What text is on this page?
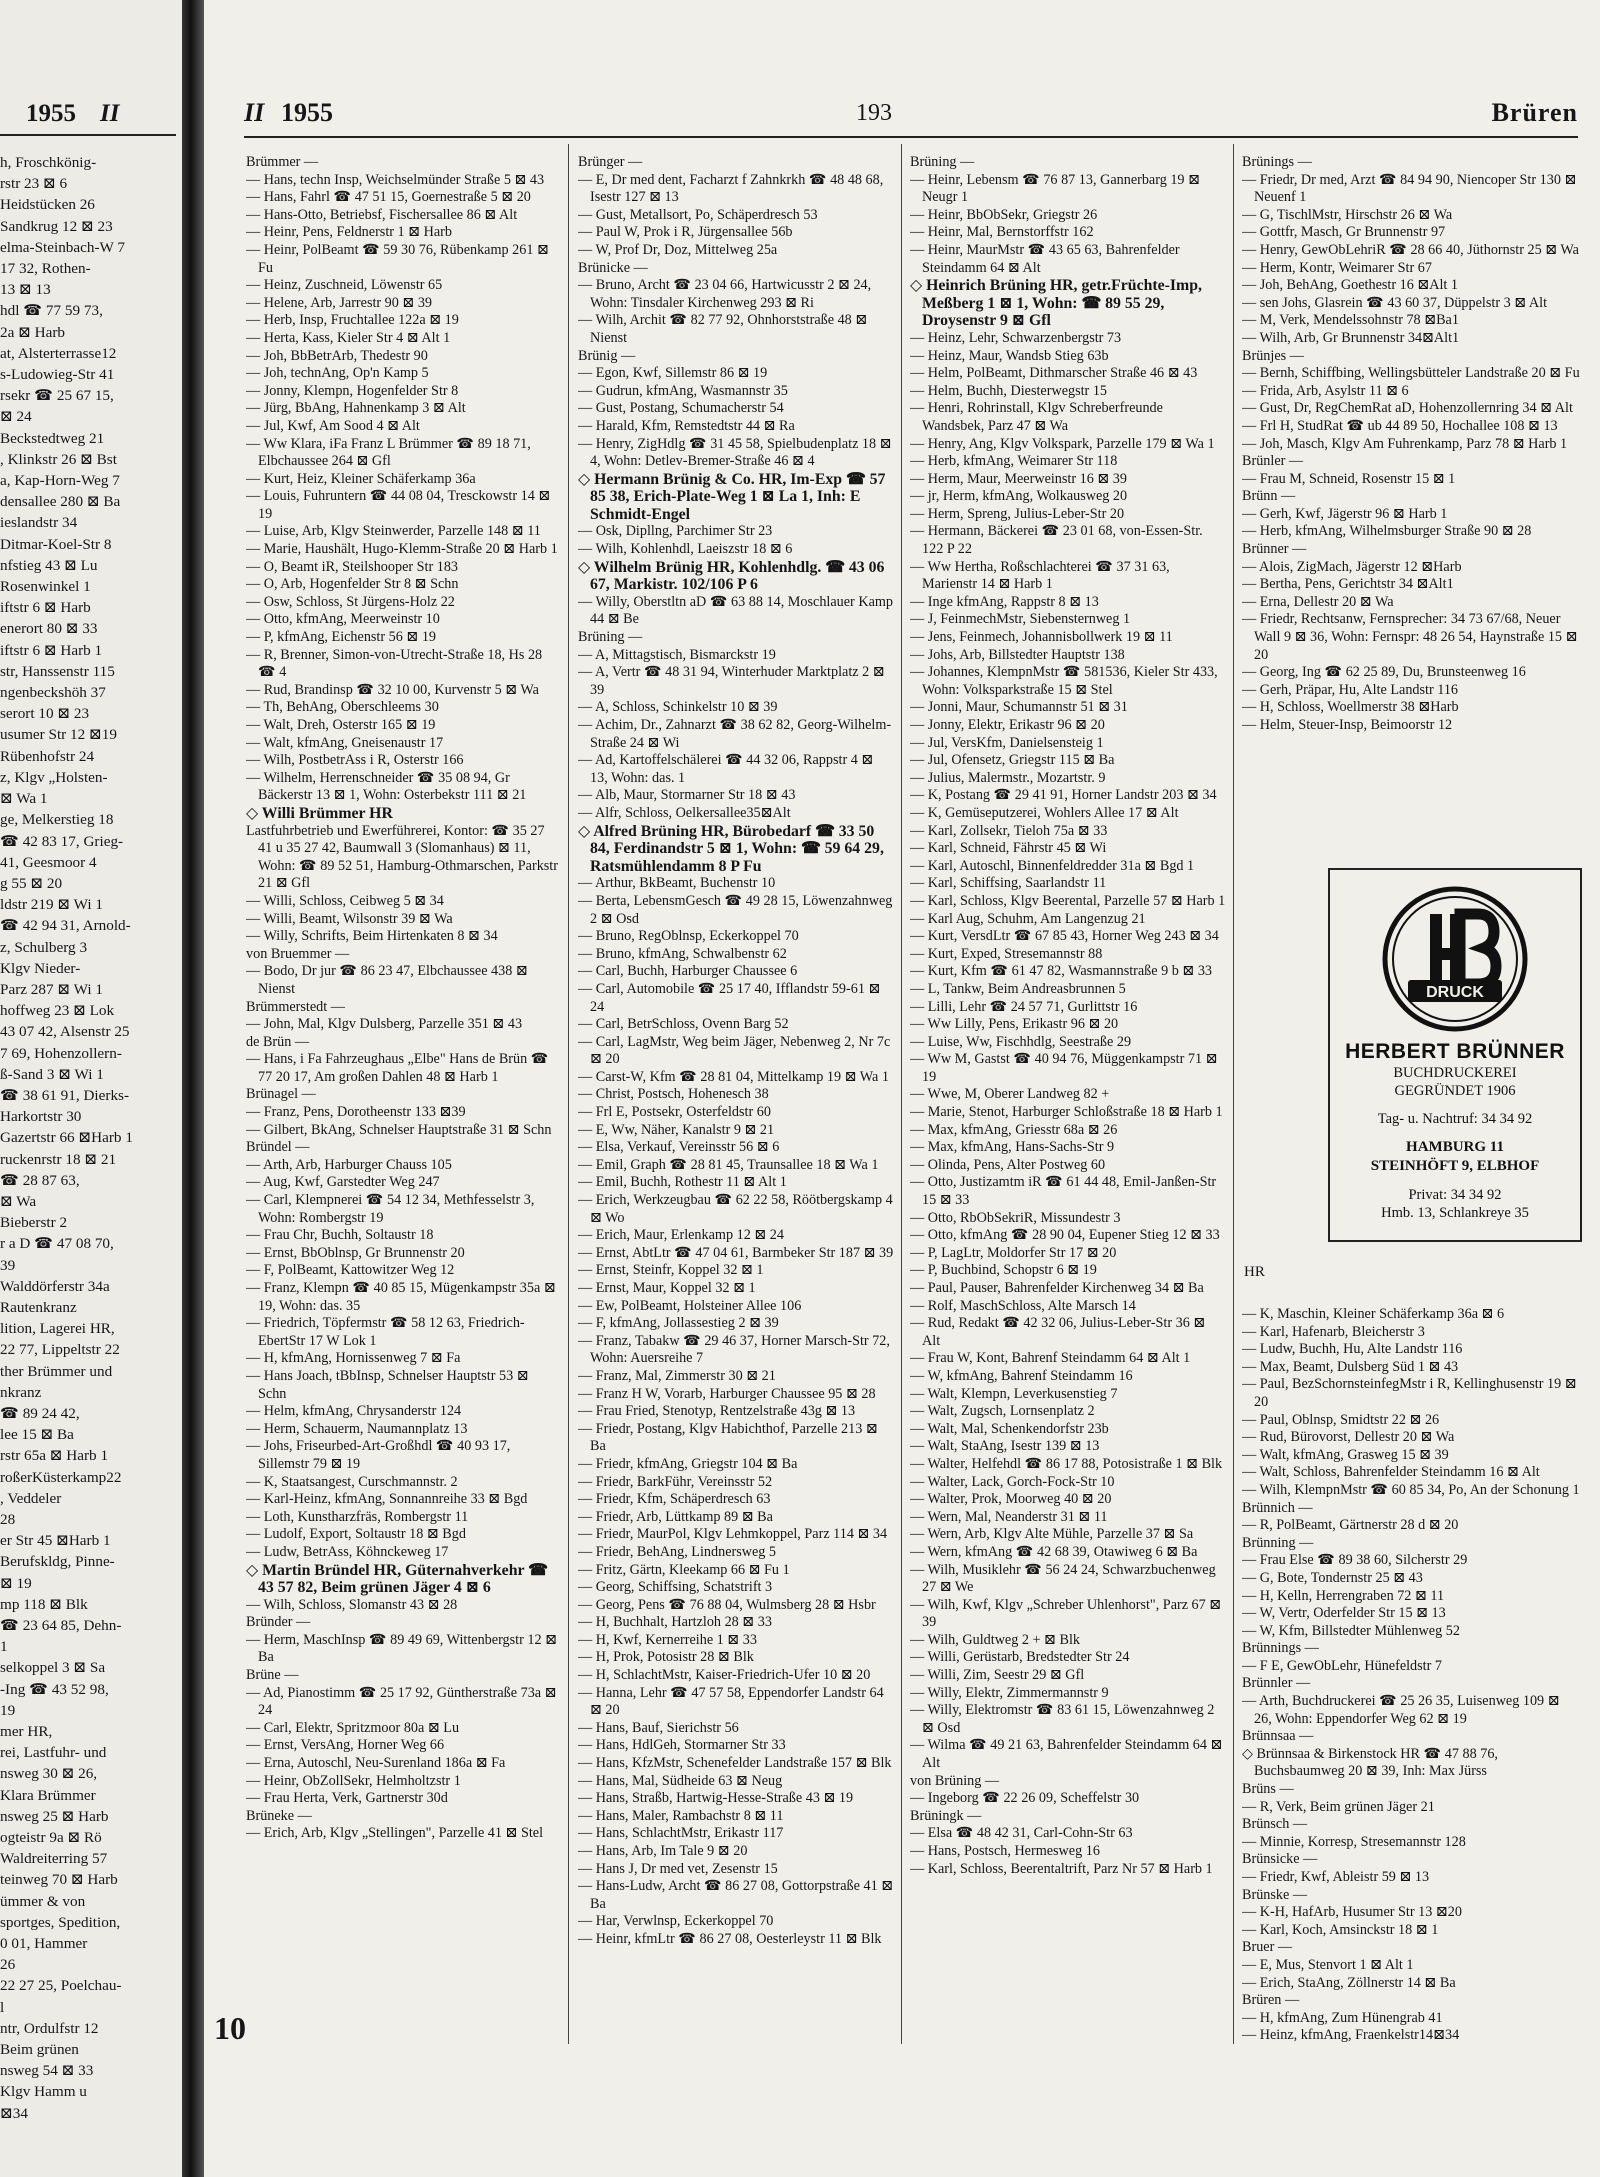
1955 II
h, Froschkönig-
rstr 23 ⊠ 6
Heidstücken 26
Sandkrug 12 ⊠ 23
elma-Steinbach-W 7
17 32, Rothen-
13 ⊠ 13
hdl ☎ 77 59 73,
2a ⊠ Harb
at, Alsterterrasse12
s-Ludowieg-Str 41
rsekr ☎ 25 67 15,
⊠ 24
Beckstedtweg 21
, Klinkstr 26 ⊠ Bst
a, Kap-Horn-Weg 7
densallee 280 ⊠ Ba
ieslandstr 34
Ditmar-Koel-Str 8
nfstieg 43 ⊠ Lu
Rosenwinkel 1
iftstr 6 ⊠ Harb
enerort 80 ⊠ 33
iftstr 6 ⊠ Harb 1
str, Hanssenstr 115
ngenbeckshöh 37
serort 10 ⊠ 23
usumer Str 12 ⊠19
Rübenhofstr 24
z, Klgv „Holsten-
⊠ Wa 1
ge, Melkerstieg 18
☎ 42 83 17, Grieg-
41, Geesmoor 4
g 55 ⊠ 20
ldstr 219 ⊠ Wi 1
☎ 42 94 31, Arnold-
z, Schulberg 3
Klgv Nieder-
Parz 287 ⊠ Wi 1
hoffweg 23 ⊠ Lok
43 07 42, Alsenstr 25
7 69, Hohenzollern-
ß-Sand 3 ⊠ Wi 1
☎ 38 61 91, Dierks-
Harkortstr 30
Gazertstr 66 ⊠Harb 1
ruckenrstr 18 ⊠ 21
☎ 28 87 63,
⊠ Wa
Bieberstr 2
r a D ☎ 47 08 70,
39
Walddörferstr 34a
Rautenkranz
lition, Lagerei HR,
22 77, Lippeltstr 22
ther Brümmer und
nkranz
☎ 89 24 42,
lee 15 ⊠ Ba
rstr 65a ⊠ Harb 1
roßerKüsterkamp22
, Veddeler
28
er Str 45 ⊠Harb 1
Berufskldg, Pinne-
⊠ 19
mp 118 ⊠ Blk
☎ 23 64 85, Dehn-
1
selkoppel 3 ⊠ Sa
-Ing ☎ 43 52 98,
19
mer HR,
rei, Lastfuhr- und
nsweg 30 ⊠ 26,
Klara Brümmer
nsweg 25 ⊠ Harb
ogteistr 9a ⊠ Rö
Waldreiterring 57
teinweg 70 ⊠ Harb
ümmer & von
sportges, Spedition,
0 01, Hammer
26
22 27 25, Poelchau-
l
ntr, Ordulfstr 12
Beim grünen
nsweg 54 ⊠ 33
Klgv Hamm u
⊠34
II 1955	193	Brüren
Brümmer —
— Hans, techn Insp, Weichselmünder Straße 5 ⊠ 43
— Hans, Fahrl ☎ 47 51 15, Goernestraße 5 ⊠ 20
— Hans-Otto, Betriebsf, Fischersallee 86 ⊠ Alt
— Heinr, Pens, Feldnerstr 1 ⊠ Harb
— Heinr, PolBeamt ☎ 59 30 76, Rübenkamp 261 ⊠ Fu
— Heinz, Zuschneid, Löwenstr 65
— Helene, Arb, Jarrestr 90 ⊠ 39
— Herb, Insp, Fruchtallee 122a ⊠ 19
— Herta, Kass, Kieler Str 4 ⊠ Alt 1
— Joh, BbBetrArb, Thedestr 90
— Joh, technAng, Op'n Kamp 5
— Jonny, Klempn, Hogenfelder Str 8
— Jürg, BbAng, Hahnenkamp 3 ⊠ Alt
— Jul, Kwf, Am Sood 4 ⊠ Alt
— Ww Klara, iFa Franz L Brümmer ☎ 89 18 71, Elbchaussee 264 ⊠ Gfl
— Kurt, Heiz, Kleiner Schäferkamp 36a
— Louis, Fuhruntern ☎ 44 08 04, Tresckowstr 14 ⊠ 19
— Luise, Arb, Klgv Steinwerder, Parzelle 148 ⊠ 11
— Marie, Haushält, Hugo-Klemm-Straße 20 ⊠ Harb 1
— O, Beamt iR, Steilshooper Str 183
— O, Arb, Hogenfelder Str 8 ⊠ Schn
— Osw, Schloss, St Jürgens-Holz 22
— Otto, kfmAng, Meerweinstr 10
— P, kfmAng, Eichenstr 56 ⊠ 19
— R, Brenner, Simon-von-Utrecht-Straße 18, Hs 28 ☎ 4
— Rud, Brandinsp ☎ 32 10 00, Kurvenstr 5 ⊠ Wa
— Th, BehAng, Oberschleems 30
— Walt, Dreh, Osterstr 165 ⊠ 19
— Walt, kfmAng, Gneisenaustr 17
— Wilh, PostbetrAss i R, Osterstr 166
— Wilhelm, Herrenschneider ☎ 35 08 94, Gr Bäckerstr 13 ⊠ 1, Wohn: Osterbekstr 111 ⊠ 21
◇ Willi Brümmer HR
Lastfuhrbetrieb und Ewerführerei, Kontor: ☎ 35 27 41 u 35 27 42, Baumwall 3 (Slomanhaus) ⊠ 11, Wohn: ☎ 89 52 51, Hamburg-Othmarschen, Parkstr 21 ⊠ Gfl
— Willi, Schloss, Ceibweg 5 ⊠ 34
— Willi, Beamt, Wilsonstr 39 ⊠ Wa
— Willy, Schrifts, Beim Hirtenkaten 8 ⊠ 34
von Bruemmer —
— Bodo, Dr jur ☎ 86 23 47, Elbchaussee 438 ⊠ Nienst
Brümmerstedt —
— John, Mal, Klgv Dulsberg, Parzelle 351 ⊠ 43
de Brün —
— Hans, i Fa Fahrzeughaus „Elbe" Hans de Brün ☎ 77 20 17, Am großen Dahlen 48 ⊠ Harb 1
Brünagel —
— Franz, Pens, Dorotheenstr 133 ⊠39
— Gilbert, BkAng, Schnelser Hauptstraße 31 ⊠ Schn
Bründel —
— Arth, Arb, Harburger Chauss 105
— Aug, Kwf, Garstedter Weg 247
— Carl, Klempnerei ☎ 54 12 34, Methfesselstr 3, Wohn: Rombergstr 19
— Frau Chr, Buchh, Soltaustr 18
— Ernst, BbOblnsp, Gr Brunnenstr 20
— F, PolBeamt, Kattowitzer Weg 12
— Franz, Klempn ☎ 40 85 15, Mügenkampstr 35a ⊠ 19, Wohn: das. 35
— Friedrich, Töpfermstr ☎ 58 12 63, Friedrich-EbertStr 17 W Lok 1
— H, kfmAng, Hornissenweg 7 ⊠ Fa
— Hans Joach, tBbInsp, Schnelser Hauptstr 53 ⊠ Schn
— Helm, kfmAng, Chrysanderstr 124
— Herm, Schauerm, Naumannplatz 13
— Johs, Friseurbed-Art-Großhdl ☎ 40 93 17, Sillemstr 79 ⊠ 19
— K, Staatsangest, Curschmannstr. 2
— Karl-Heinz, kfmAng, Sonnannreihe 33 ⊠ Bgd
— Loth, Kunstharzfräs, Rombergstr 11
— Ludolf, Export, Soltaustr 18 ⊠ Bgd
— Ludw, BetrAss, Köhnckeweg 17
◇ Martin Bründel HR, Güternahverkehr ☎ 43 57 82, Beim grünen Jäger 4 ⊠ 6
— Wilh, Schloss, Slomanstr 43 ⊠ 28
Bründer —
— Herm, MaschInsp ☎ 89 49 69, Wittenbergstr 12 ⊠ Ba
Brüne —
— Ad, Pianostimm ☎ 25 17 92, Güntherstraße 73a ⊠ 24
— Carl, Elektr, Spritzmoor 80a ⊠ Lu
— Ernst, VersAng, Horner Weg 66
— Erna, Autoschl, Neu-Surenland 186a ⊠ Fa
— Heinr, ObZollSekr, Helmholtzstr 1
— Frau Herta, Verk, Gartnerstr 30d
Brüneke —
— Erich, Arb, Klgv „Stellingen", Parzelle 41 ⊠ Stel
Brünger —
— E, Dr med dent, Facharzt f Zahnkrkh ☎ 48 48 68, Isestr 127 ⊠ 13
— Gust, Metallsort, Po, Schäperdresch 53
— Paul W, Prok i R, Jürgensallee 56b
— W, Prof Dr, Doz, Mittelweg 25a
Brünicke —
— Bruno, Archt ☎ 23 04 66, Hartwicusstr 2 ⊠ 24, Wohn: Tinsdaler Kirchenweg 293 ⊠ Ri
— Wilh, Archit ☎ 82 77 92, Ohnhorststraße 48 ⊠ Nienst
Brünig —
— Egon, Kwf, Sillemstr 86 ⊠ 19
— Gudrun, kfmAng, Wasmannstr 35
— Gust, Postang, Schumacherstr 54
— Harald, Kfm, Remstedtstr 44 ⊠ Ra
— Henry, ZigHdlg ☎ 31 45 58, Spielbudenplatz 18 ⊠ 4, Wohn: Detlev-Bremer-Straße 46 ⊠ 4
◇ Hermann Brünig & Co. HR, Im-Exp ☎ 57 85 38, Erich-Plate-Weg 1 ⊠ La 1, Inh: E Schmidt-Engel
— Osk, Dipllng, Parchimer Str 23
— Wilh, Kohlenhdl, Laeiszstr 18 ⊠ 6
◇ Wilhelm Brünig HR, Kohlenhdlg. ☎ 43 06 67, Markistr. 102/106 P 6
— Willy, Oberstltn aD ☎ 63 88 14, Moschlauer Kamp 44 ⊠ Be
Brüning —
— A, Mittagstisch, Bismarckstr 19
— A, Vertr ☎ 48 31 94, Winterhuder Marktplatz 2 ⊠ 39
— A, Schloss, Schinkelstr 10 ⊠ 39
— Achim, Dr., Zahnarzt ☎ 38 62 82, Georg-Wilhelm-Straße 24 ⊠ Wi
— Ad, Kartoffelschälerei ☎ 44 32 06, Rappstr 4 ⊠ 13, Wohn: das. 1
— Alb, Maur, Stormarner Str 18 ⊠ 43
— Alfr, Schloss, Oelkersallee35⊠Alt
◇ Alfred Brüning HR, Bürobedarf ☎ 33 50 84, Ferdinandstr 5 ⊠ 1, Wohn: ☎ 59 64 29, Ratsmühlendamm 8 P Fu
— Arthur, BkBeamt, Buchenstr 10
— Berta, LebensmGesch ☎ 49 28 15, Löwenzahnweg 2 ⊠ Osd
— Bruno, RegOblnsp, Eckerkoppel 70
— Bruno, kfmAng, Schwalbenstr 62
— Carl, Buchh, Harburger Chaussee 6
— Carl, Automobile ☎ 25 17 40, Ifflandstr 59-61 ⊠ 24
— Carl, BetrSchloss, Ovenn Barg 52
— Carl, LagMstr, Weg beim Jäger, Nebenweg 2, Nr 7c ⊠ 20
— Carst-W, Kfm ☎ 28 81 04, Mittelkamp 19 ⊠ Wa 1
— Christ, Postsch, Hohenesch 38
— Frl E, Postsekr, Osterfeldstr 60
— E, Ww, Näher, Kanalstr 9 ⊠ 21
— Elsa, Verkauf, Vereinsstr 56 ⊠ 6
— Emil, Graph ☎ 28 81 45, Traunsallee 18 ⊠ Wa 1
— Emil, Buchh, Rothestr 11 ⊠ Alt 1
— Erich, Werkzeugbau ☎ 62 22 58, Röötbergskamp 4 ⊠ Wo
— Erich, Maur, Erlenkamp 12 ⊠ 24
— Ernst, AbtLtr ☎ 47 04 61, Barmbeker Str 187 ⊠ 39
— Ernst, Steinfr, Koppel 32 ⊠ 1
— Ernst, Maur, Koppel 32 ⊠ 1
— Ew, PolBeamt, Holsteiner Allee 106
— F, kfmAng, Jollassestieg 2 ⊠ 39
— Franz, Tabakw ☎ 29 46 37, Horner Marsch-Str 72, Wohn: Auersreihe 7
— Franz, Mal, Zimmerstr 30 ⊠ 21
— Franz H W, Vorarb, Harburger Chaussee 95 ⊠ 28
— Frau Fried, Stenotyp, Rentzelstraße 43g ⊠ 13
— Friedr, Postang, Klgv Habichthof, Parzelle 213 ⊠ Ba
— Friedr, kfmAng, Griegstr 104 ⊠ Ba
— Friedr, BarkFühr, Vereinsstr 52
— Friedr, Kfm, Schäperdresch 63
— Friedr, Arb, Lüttkamp 89 ⊠ Ba
— Friedr, MaurPol, Klgv Lehmkoppel, Parz 114 ⊠ 34
— Friedr, BehAng, Lindnersweg 5
— Fritz, Gärtn, Kleekamp 66 ⊠ Fu 1
— Georg, Schiffsing, Schatstrift 3
— Georg, Pens ☎ 76 88 04, Wulmsberg 28 ⊠ Hsbr
— H, Buchhalt, Hartzloh 28 ⊠ 33
— H, Kwf, Kernerreihe 1 ⊠ 33
— H, Prok, Potosistr 28 ⊠ Blk
— H, SchlachtMstr, Kaiser-Friedrich-Ufer 10 ⊠ 20
— Hanna, Lehr ☎ 47 57 58, Eppendorfer Landstr 64 ⊠ 20
— Hans, Bauf, Sierichstr 56
— Hans, HdlGeh, Stormarner Str 33
— Hans, KfzMstr, Schenefelder Landstraße 157 ⊠ Blk
— Hans, Mal, Südheide 63 ⊠ Neug
— Hans, Straßb, Hartwig-Hesse-Straße 43 ⊠ 19
— Hans, Maler, Rambachstr 8 ⊠ 11
— Hans, SchlachtMstr, Erikastr 117
— Hans, Arb, Im Tale 9 ⊠ 20
— Hans J, Dr med vet, Zesenstr 15
— Hans-Ludw, Archt ☎ 86 27 08, Gottorpstraße 41 ⊠ Ba
— Har, Verwlnsp, Eckerkoppel 70
— Heinr, kfmLtr ☎ 86 27 08, Oesterleystr 11 ⊠ Blk
Brüning —
— Heinr, Lebensm ☎ 76 87 13, Gannerbarg 19 ⊠ Neugr 1
— Heinr, BbObSekr, Griegstr 26
— Heinr, Mal, Bernstorffstr 162
— Heinr, MaurMstr ☎ 43 65 63, Bahrenfelder Steindamm 64 ⊠ Alt
◇ Heinrich Brüning HR, getr.Früchte-Imp, Meßberg 1 ⊠ 1, Wohn: ☎ 89 55 29, Droysenstr 9 ⊠ Gfl
— Heinz, Lehr, Schwarzenbergstr 73
— Heinz, Maur, Wandsb Stieg 63b
— Helm, PolBeamt, Dithmarscher Straße 46 ⊠ 43
— Helm, Buchh, Diesterwegstr 15
— Henri, Rohrinstall, Klgv Schreberfreunde Wandsbek, Parz 47 ⊠ Wa
— Henry, Ang, Klgv Volkspark, Parzelle 179 ⊠ Wa 1
— Herb, kfmAng, Weimarer Str 118
— Herm, Maur, Meerweinstr 16 ⊠ 39
— jr, Herm, kfmAng, Wolkausweg 20
— Herm, Spreng, Julius-Leber-Str 20
— Hermann, Bäckerei ☎ 23 01 68, von-Essen-Str. 122 P 22
— Ww Hertha, Roßschlachterei ☎ 37 31 63, Marienstr 14 ⊠ Harb 1
— Inge kfmAng, Rappstr 8 ⊠ 13
— J, FeinmechMstr, Siebensternweg 1
— Jens, Feinmech, Johannisbollwerk 19 ⊠ 11
— Johs, Arb, Billstedter Hauptstr 138
— Johannes, KlempnMstr ☎ 581536, Kieler Str 433, Wohn: Volksparkstraße 15 ⊠ Stel
— Jonni, Maur, Schumannstr 51 ⊠ 31
— Jonny, Elektr, Erikastr 96 ⊠ 20
— Jul, VersKfm, Danielsensteig 1
— Jul, Ofensetz, Griegstr 115 ⊠ Ba
— Julius, Malermstr., Mozartstr. 9
— K, Postang ☎ 29 41 91, Horner Landstr 203 ⊠ 34
— K, Gemüseputzerei, Wohlers Allee 17 ⊠ Alt
— Karl, Zollsekr, Tieloh 75a ⊠ 33
— Karl, Schneid, Fährstr 45 ⊠ Wi
— Karl, Autoschl, Binnenfeldredder 31a ⊠ Bgd 1
— Karl, Schiffsing, Saarlandstr 11
— Karl, Schloss, Klgv Beerental, Parzelle 57 ⊠ Harb 1
— Karl Aug, Schuhm, Am Langenzug 21
— Kurt, VersdLtr ☎ 67 85 43, Horner Weg 243 ⊠ 34
— Kurt, Exped, Stresemannstr 88
— Kurt, Kfm ☎ 61 47 82, Wasmannstraße 9 b ⊠ 33
— L, Tankw, Beim Andreasbrunnen 5
— Lilli, Lehr ☎ 24 57 71, Gurlittstr 16
— Ww Lilly, Pens, Erikastr 96 ⊠ 20
— Luise, Ww, Fischhdlg, Seestraße 29
— Ww M, Gastst ☎ 40 94 76, Müggenkampstr 71 ⊠ 19
— Wwe, M, Oberer Landweg 82 +
— Marie, Stenot, Harburger Schloßstraße 18 ⊠ Harb 1
— Max, kfmAng, Griesstr 68a ⊠ 26
— Max, kfmAng, Hans-Sachs-Str 9
— Olinda, Pens, Alter Postweg 60
— Otto, Justizamtm iR ☎ 61 44 48, Emil-Janßen-Str 15 ⊠ 33
— Otto, RbObSekriR, Missundestr 3
— Otto, kfmAng ☎ 28 90 04, Eupener Stieg 12 ⊠ 33
— P, LagLtr, Moldorfer Str 17 ⊠ 20
— P, Buchbind, Schopstr 6 ⊠ 19
— Paul, Pauser, Bahrenfelder Kirchenweg 34 ⊠ Ba
— Rolf, MaschSchloss, Alte Marsch 14
— Rud, Redakt ☎ 42 32 06, Julius-Leber-Str 36 ⊠ Alt
— Frau W, Kont, Bahrenf Steindamm 64 ⊠ Alt 1
— W, kfmAng, Bahrenf Steindamm 16
— Walt, Klempn, Leverkusenstieg 7
— Walt, Zugsch, Lornsenplatz 2
— Walt, Mal, Schenkendorfstr 23b
— Walt, StaAng, Isestr 139 ⊠ 13
— Walter, Helfehdl ☎ 86 17 88, Potosistraße 1 ⊠ Blk
— Walter, Lack, Gorch-Fock-Str 10
— Walter, Prok, Moorweg 40 ⊠ 20
— Wern, Mal, Neanderstr 31 ⊠ 11
— Wern, Arb, Klgv Alte Mühle, Parzelle 37 ⊠ Sa
— Wern, kfmAng ☎ 42 68 39, Otawiweg 6 ⊠ Ba
— Wilh, Musiklehr ☎ 56 24 24, Schwarzbuchenweg 27 ⊠ We
— Wilh, Kwf, Klgv „Schreber Uhlenhorst", Parz 67 ⊠ 39
— Wilh, Guldtweg 2 + ⊠ Blk
— Willi, Gerüstarb, Bredstedter Str 24
— Willi, Zim, Seestr 29 ⊠ Gfl
— Willy, Elektr, Zimmermannstr 9
— Willy, Elektromstr ☎ 83 61 15, Löwenzahnweg 2 ⊠ Osd
— Wilma ☎ 49 21 63, Bahrenfelder Steindamm 64 ⊠ Alt
von Brüning —
— Ingeborg ☎ 22 26 09, Scheffelstr 30
Brüningk —
— Elsa ☎ 48 42 31, Carl-Cohn-Str 63
— Hans, Postsch, Hermesweg 16
— Karl, Schloss, Beerentaltrift, Parz Nr 57 ⊠ Harb 1
Brünings —
— Friedr, Dr med, Arzt ☎ 84 94 90, Niencoper Str 130 ⊠ Neuenf 1
— G, TischlMstr, Hirschstr 26 ⊠ Wa
— Gottfr, Masch, Gr Brunnenstr 97
— Henry, GewObLehriR ☎ 28 66 40, Jüthornstr 25 ⊠ Wa
— Herm, Kontr, Weimarer Str 67
— Joh, BehAng, Goethestr 16 ⊠Alt 1
— sen Johs, Glasrein ☎ 43 60 37, Düppelstr 3 ⊠ Alt
— M, Verk, Mendelssohnstr 78 ⊠Ba1
— Wilh, Arb, Gr Brunnenstr 34⊠Alt1
Brünjes —
— Bernh, Schiffbing, Wellingsbütteler Landstraße 20 ⊠ Fu
— Frida, Arb, Asylstr 11 ⊠ 6
— Gust, Dr, RegChemRat aD, Hohenzollernring 34 ⊠ Alt
— Frl H, StudRat ☎ ub 44 89 50, Hochallee 108 ⊠ 13
— Joh, Masch, Klgv Am Fuhrenkamp, Parz 78 ⊠ Harb 1
Brünler —
— Frau M, Schneid, Rosenstr 15 ⊠ 1
Brünn —
— Gerh, Kwf, Jägerstr 96 ⊠ Harb 1
— Herb, kfmAng, Wilhelmsburger Straße 90 ⊠ 28
Brünner —
— Alois, ZigMach, Jägerstr 12 ⊠Harb
— Bertha, Pens, Gerichtstr 34 ⊠Alt1
— Erna, Dellestr 20 ⊠ Wa
— Friedr, Rechtsanw, Fernsprecher: 34 73 67/68, Neuer Wall 9 ⊠ 36, Wohn: Fernspr: 48 26 54, Haynstraße 15 ⊠ 20
— Georg, Ing ☎ 62 25 89, Du, Brunsteenweg 16
— Gerh, Präpar, Hu, Alte Landstr 116
— H, Schloss, Woellmerstr 38 ⊠Harb
— Helm, Steuer-Insp, Beimoorstr 12
HR
DRUCK
HERBERT BRÜNNER
BUCHDRUCKEREI
GEGRÜNDET 1906
Tag- u. Nachtruf: 34 34 92
HAMBURG 11
STEINHÖFT 9, ELBHOF
Privat: 34 34 92
Hmb. 13, Schlankreye 35
— K, Maschin, Kleiner Schäferkamp 36a ⊠ 6
— Karl, Hafenarb, Bleicherstr 3
— Ludw, Buchh, Hu, Alte Landstr 116
— Max, Beamt, Dulsberg Süd 1 ⊠ 43
— Paul, BezSchornsteinfegMstr i R, Kellinghusenstr 19 ⊠ 20
— Paul, Oblnsp, Smidtstr 22 ⊠ 26
— Rud, Bürovorst, Dellestr 20 ⊠ Wa
— Walt, kfmAng, Grasweg 15 ⊠ 39
— Walt, Schloss, Bahrenfelder Steindamm 16 ⊠ Alt
— Wilh, KlempnMstr ☎ 60 85 34, Po, An der Schonung 1
Brünnich —
— R, PolBeamt, Gärtnerstr 28 d ⊠ 20
Brünning —
— Frau Else ☎ 89 38 60, Silcherstr 29
— G, Bote, Tondernstr 25 ⊠ 43
— H, Kelln, Herrengraben 72 ⊠ 11
— W, Vertr, Oderfelder Str 15 ⊠ 13
— W, Kfm, Billstedter Mühlenweg 52
Brünnings —
— F E, GewObLehr, Hünefeldstr 7
Brünnler —
— Arth, Buchdruckerei ☎ 25 26 35, Luisenweg 109 ⊠ 26, Wohn: Eppendorfer Weg 62 ⊠ 19
Brünnsaa —
◇ Brünnsaa & Birkenstock HR ☎ 47 88 76, Buchsbaumweg 20 ⊠ 39, Inh: Max Jürss
Brüns —
— R, Verk, Beim grünen Jäger 21
Brünsch —
— Minnie, Korresp, Stresemannstr 128
Brünsicke —
— Friedr, Kwf, Ableistr 59 ⊠ 13
Brünske —
— K-H, HafArb, Husumer Str 13 ⊠20
— Karl, Koch, Amsinckstr 18 ⊠ 1
Bruer —
— E, Mus, Stenvort 1 ⊠ Alt 1
— Erich, StaAng, Zöllnerstr 14 ⊠ Ba
Brüren —
— H, kfmAng, Zum Hünengrab 41
— Heinz, kfmAng, Fraenkelstr14⊠34
10
